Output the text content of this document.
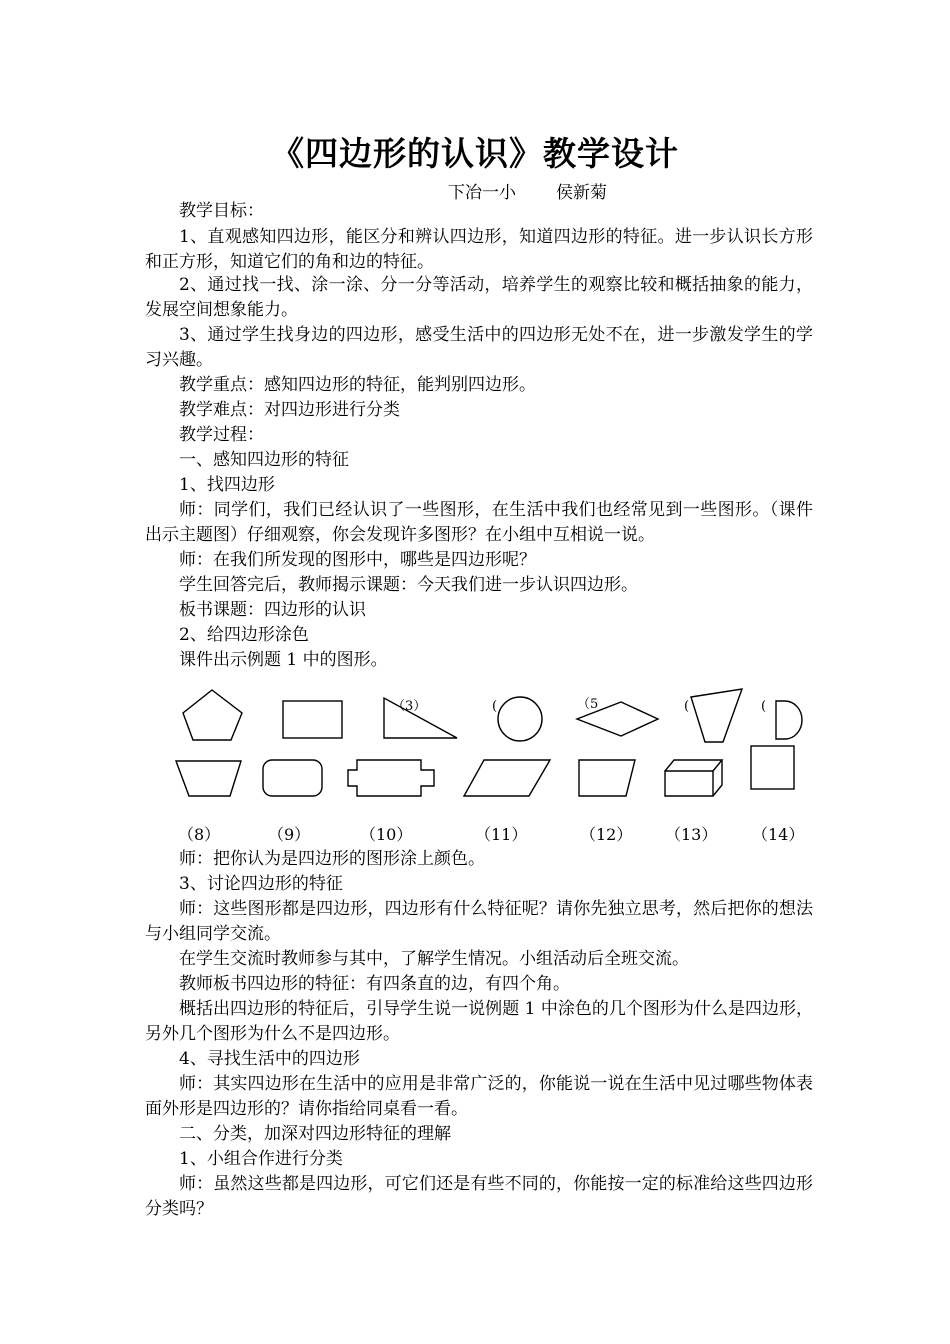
《四边形的认识》教学设计
下冶一小 侯新菊
教学目标：
1、直观感知四边形，能区分和辨认四边形，知道四边形的特征。进一步认识长方形和正方形，知道它们的角和边的特征。
2、通过找一找、涂一涂、分一分等活动，培养学生的观察比较和概括抽象的能力，发展空间想象能力。
3、通过学生找身边的四边形，感受生活中的四边形无处不在，进一步激发学生的学习兴趣。
教学重点：感知四边形的特征，能判别四边形。
教学难点：对四边形进行分类
教学过程：
一、感知四边形的特征
1、找四边形
师：同学们，我们已经认识了一些图形，在生活中我们也经常见到一些图形。（课件出示主题图）仔细观察，你会发现许多图形？在小组中互相说一说。
师：在我们所发现的图形中，哪些是四边形呢？
学生回答完后，教师揭示课题：今天我们进一步认识四边形。
板书课题：四边形的认识
2、给四边形涂色
课件出示例题 1 中的图形。
（3）	(	（5	(	(
（8）	（9）	（10）	（11）	（12） （13） （14）
师：把你认为是四边形的图形涂上颜色。
3、讨论四边形的特征
师：这些图形都是四边形，四边形有什么特征呢？请你先独立思考，然后把你的想法与小组同学交流。
在学生交流时教师参与其中，了解学生情况。小组活动后全班交流。
教师板书四边形的特征：有四条直的边，有四个角。
概括出四边形的特征后，引导学生说一说例题 1 中涂色的几个图形为什么是四边形，另外几个图形为什么不是四边形。
4、寻找生活中的四边形
师：其实四边形在生活中的应用是非常广泛的，你能说一说在生活中见过哪些物体表面外形是四边形的？请你指给同桌看一看。
二、分类，加深对四边形特征的理解
1、小组合作进行分类
师：虽然这些都是四边形，可它们还是有些不同的，你能按一定的标准给这些四边形分类吗？
